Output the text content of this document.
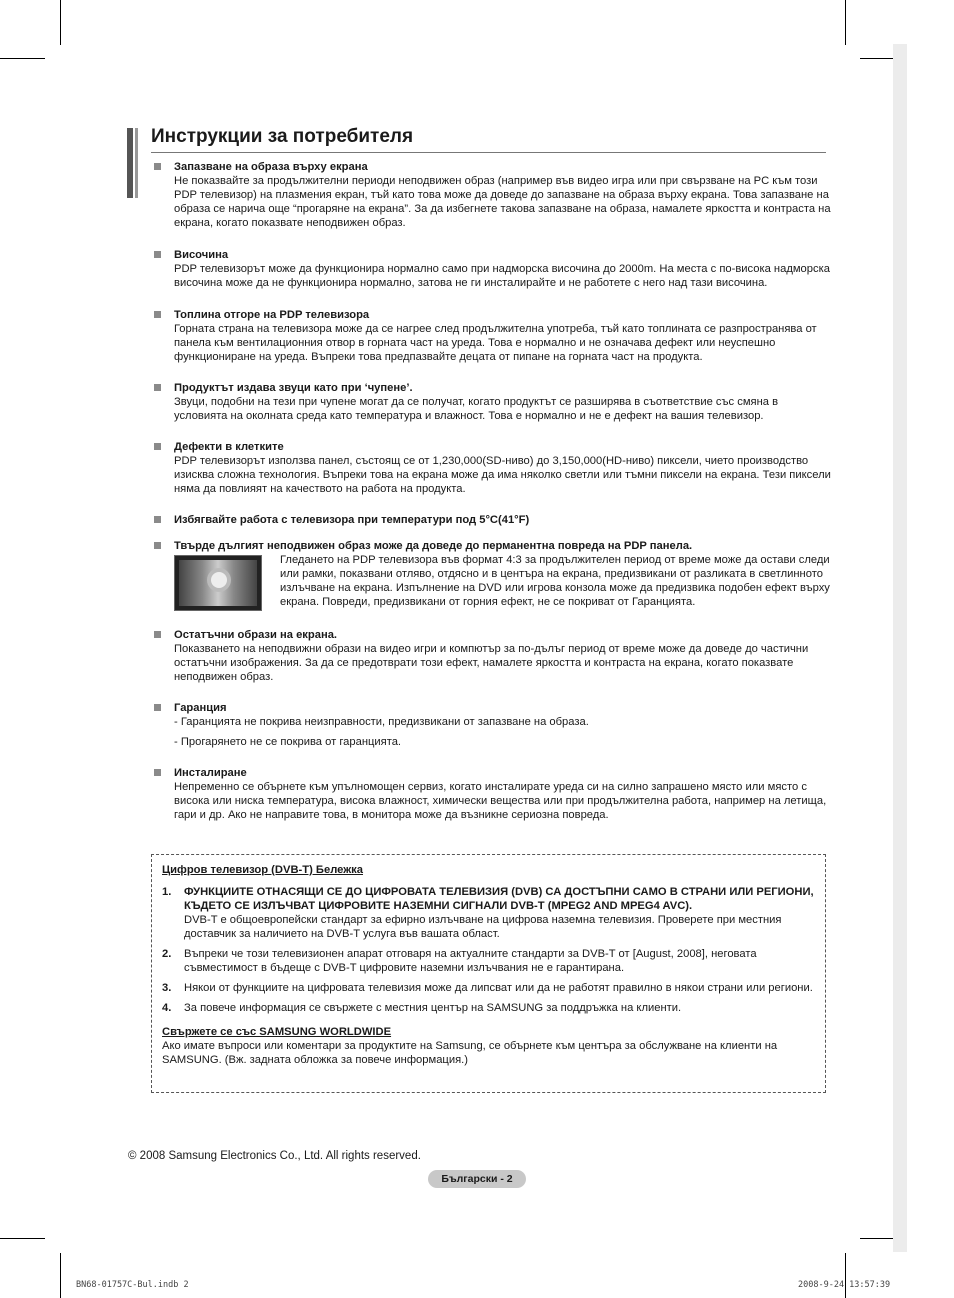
Инструкции за потребителя
Запазване на образа върху екрана

Не показвайте за продължителни периоди неподвижен образ (например във видео игра или при свързване на PC към този PDP телевизор) на плазмения екран, тъй като това може да доведе до запазване на образа върху екрана. Това запазване на образа се нарича още “прогаряне на екрана”. За да избегнете такова запазване на образа, намалете яркостта и контраста на екрана, когато показвате неподвижен образ.

Височина

PDP телевизорът може да функционира нормално само при надморска височина до 2000m. На места с по-висока надморска височина може да не функционира нормално, затова не ги инсталирайте и не работете с него над тази височина.

Топлина отгоре на PDP телевизора

Горната страна на телевизора може да се нагрее след продължителна употреба, тъй като топлината се разпространява от панела към вентилационния отвор в горната част на уреда. Това е нормално и не означава дефект или неуспешно функциониране на уреда. Въпреки това предпазвайте децата от пипане на горната част на продукта.

Продуктът издава звуци като при ‘чупене’.

Звуци, подобни на тези при чупене могат да се получат, когато продуктът се разширява в съответствие със смяна в условията на околната среда като температура и влажност. Това е нормално и не е дефект на вашия телевизор.

Дефекти в клетките

PDP телевизорът използва панел, състоящ се от 1,230,000(SD-ниво) до 3,150,000(HD-ниво) пиксели, чието производство изисква сложна технология. Въпреки това на екрана може да има няколко светли или тъмни пиксели на екрана. Тези пиксели няма да повлияят на качеството на работа на продукта.

Избягвайте работа с телевизора при температури под 5°C(41°F)
Твърде дългият неподвижен образ може да доведе до перманентна повреда на PDP панела.

Гледането на PDP телевизора във формат 4:3 за продължителен период от време може да остави следи или рамки, показвани отляво, отдясно и в центъра на екрана, предизвикани от разликата в светлинното излъчване на екрана. Изпълнение на DVD или игрова конзола може да предизвика подобен ефект върху екрана. Повреди, предизвикани от горния ефект, не се покриват от Гаранцията.

Остатъчни образи на екрана.

Показването на неподвижни образи на видео игри и компютър за по-дълъг период от време може да доведе до частични остатъчни изображения. За да се предотврати този ефект, намалете яркостта и контраста на екрана, когато показвате неподвижен образ.

Гаранция

- Гаранцията не покрива неизправности, предизвикани от запазване на образа.

- Прогарянето не се покрива от гаранцията.

Инсталиране

Непременно се обърнете към упълномощен сервиз, когато инсталирате уреда си на силно запрашено място или място с висока или ниска температура, висока влажност, химически вещества или при продължителна работа, например на летища, гари и др. Ако не направите това, в монитора може да възникне сериозна повреда.

Цифров телевизор (DVB-T) Бележка
1. ФУНКЦИИТЕ ОТНАСЯЩИ СЕ ДО ЦИФРОВАТА ТЕЛЕВИЗИЯ (DVB) СА ДОСТЪПНИ САМО В СТРАНИ ИЛИ РЕГИОНИ, КЪДЕТО СЕ ИЗЛЪЧВАТ ЦИФРОВИТЕ НАЗЕМНИ СИГНАЛИ DVB-T (MPEG2 AND MPEG4 AVC).

DVB-T е общоевропейски стандарт за ефирно излъчване на цифрова наземна телевизия. Проверете при местния доставчик за наличието на DVB-T услуга във вашата област.

2. Въпреки че този телевизионен апарат отговаря на актуалните стандарти за DVB-T от [August, 2008], неговата съвместимост в бъдеще с DVB-T цифровите наземни излъчвания не е гарантирана.

3. Някои от функциите на цифровата телевизия може да липсват или да не работят правилно в някои страни или региони.

4. За повече информация се свържете с местния център на SAMSUNG за поддръжка на клиенти.

Свържете се със SAMSUNG WORLDWIDE

Ако имате въпроси или коментари за продуктите на Samsung, се обърнете към центъра за обслужване на клиенти на SAMSUNG. (Вж. задната обложка за повече информация.)

© 2008 Samsung Electronics Co., Ltd. All rights reserved.
Български - 2
BN68-01757C-Bul.indb 2	2008-9-24 13:57:39
